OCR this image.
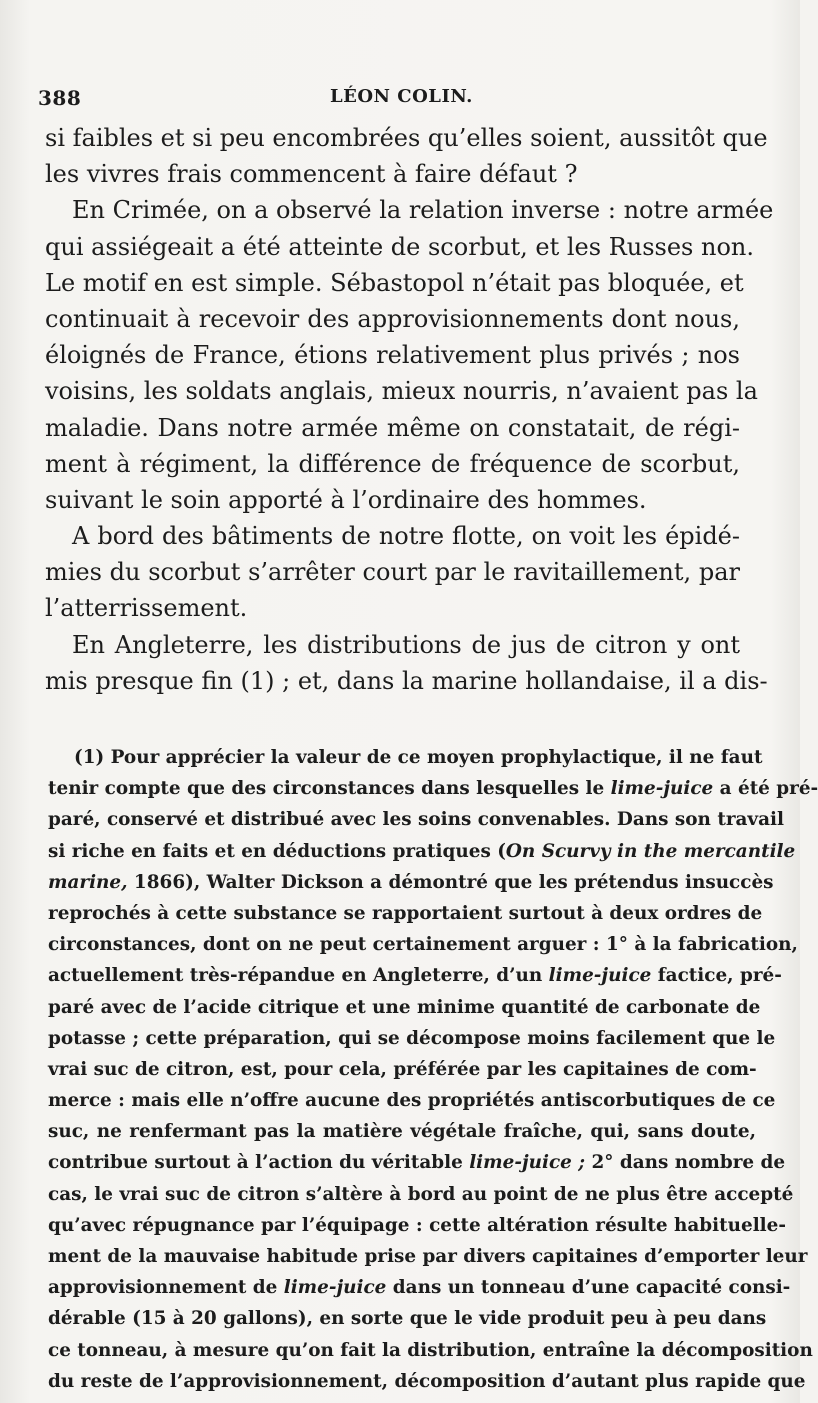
388	LÉON COLIN.
si faibles et si peu encombrées qu’elles soient, aussitôt que
les vivres frais commencent à faire défaut ?
En Crimée, on a observé la relation inverse : notre armée
qui assiégeait a été atteinte de scorbut, et les Russes non.
Le motif en est simple. Sébastopol n’était pas bloquée, et
continuait à recevoir des approvisionnements dont nous,
éloignés de France, étions relativement plus privés ; nos
voisins, les soldats anglais, mieux nourris, n’avaient pas la
maladie. Dans notre armée même on constatait, de régi-
ment à régiment, la différence de fréquence de scorbut,
suivant le soin apporté à l’ordinaire des hommes.
A bord des bâtiments de notre flotte, on voit les épidé-
mies du scorbut s’arrêter court par le ravitaillement, par
l’atterrissement.
En Angleterre, les distributions de jus de citron y ont
mis presque fin (1) ; et, dans la marine hollandaise, il a dis-
(1) Pour apprécier la valeur de ce moyen prophylactique, il ne faut
tenir compte que des circonstances dans lesquelles le lime-juice a été pré-
paré, conservé et distribué avec les soins convenables. Dans son travail
si riche en faits et en déductions pratiques (On Scurvy in the mercantile
marine, 1866), Walter Dickson a démontré que les prétendus insuccès
reprochés à cette substance se rapportaient surtout à deux ordres de
circonstances, dont on ne peut certainement arguer : 1° à la fabrication,
actuellement très-répandue en Angleterre, d’un lime-juice factice, pré-
paré avec de l’acide citrique et une minime quantité de carbonate de
potasse ; cette préparation, qui se décompose moins facilement que le
vrai suc de citron, est, pour cela, préférée par les capitaines de com-
merce : mais elle n’offre aucune des propriétés antiscorbutiques de ce
suc, ne renfermant pas la matière végétale fraîche, qui, sans doute,
contribue surtout à l’action du véritable lime-juice ; 2° dans nombre de
cas, le vrai suc de citron s’altère à bord au point de ne plus être accepté
qu’avec répugnance par l’équipage : cette altération résulte habituelle-
ment de la mauvaise habitude prise par divers capitaines d’emporter leur
approvisionnement de lime-juice dans un tonneau d’une capacité consi-
dérable (15 à 20 gallons), en sorte que le vide produit peu à peu dans
ce tonneau, à mesure qu’on fait la distribution, entraîne la décomposition
du reste de l’approvisionnement, décomposition d’autant plus rapide que
